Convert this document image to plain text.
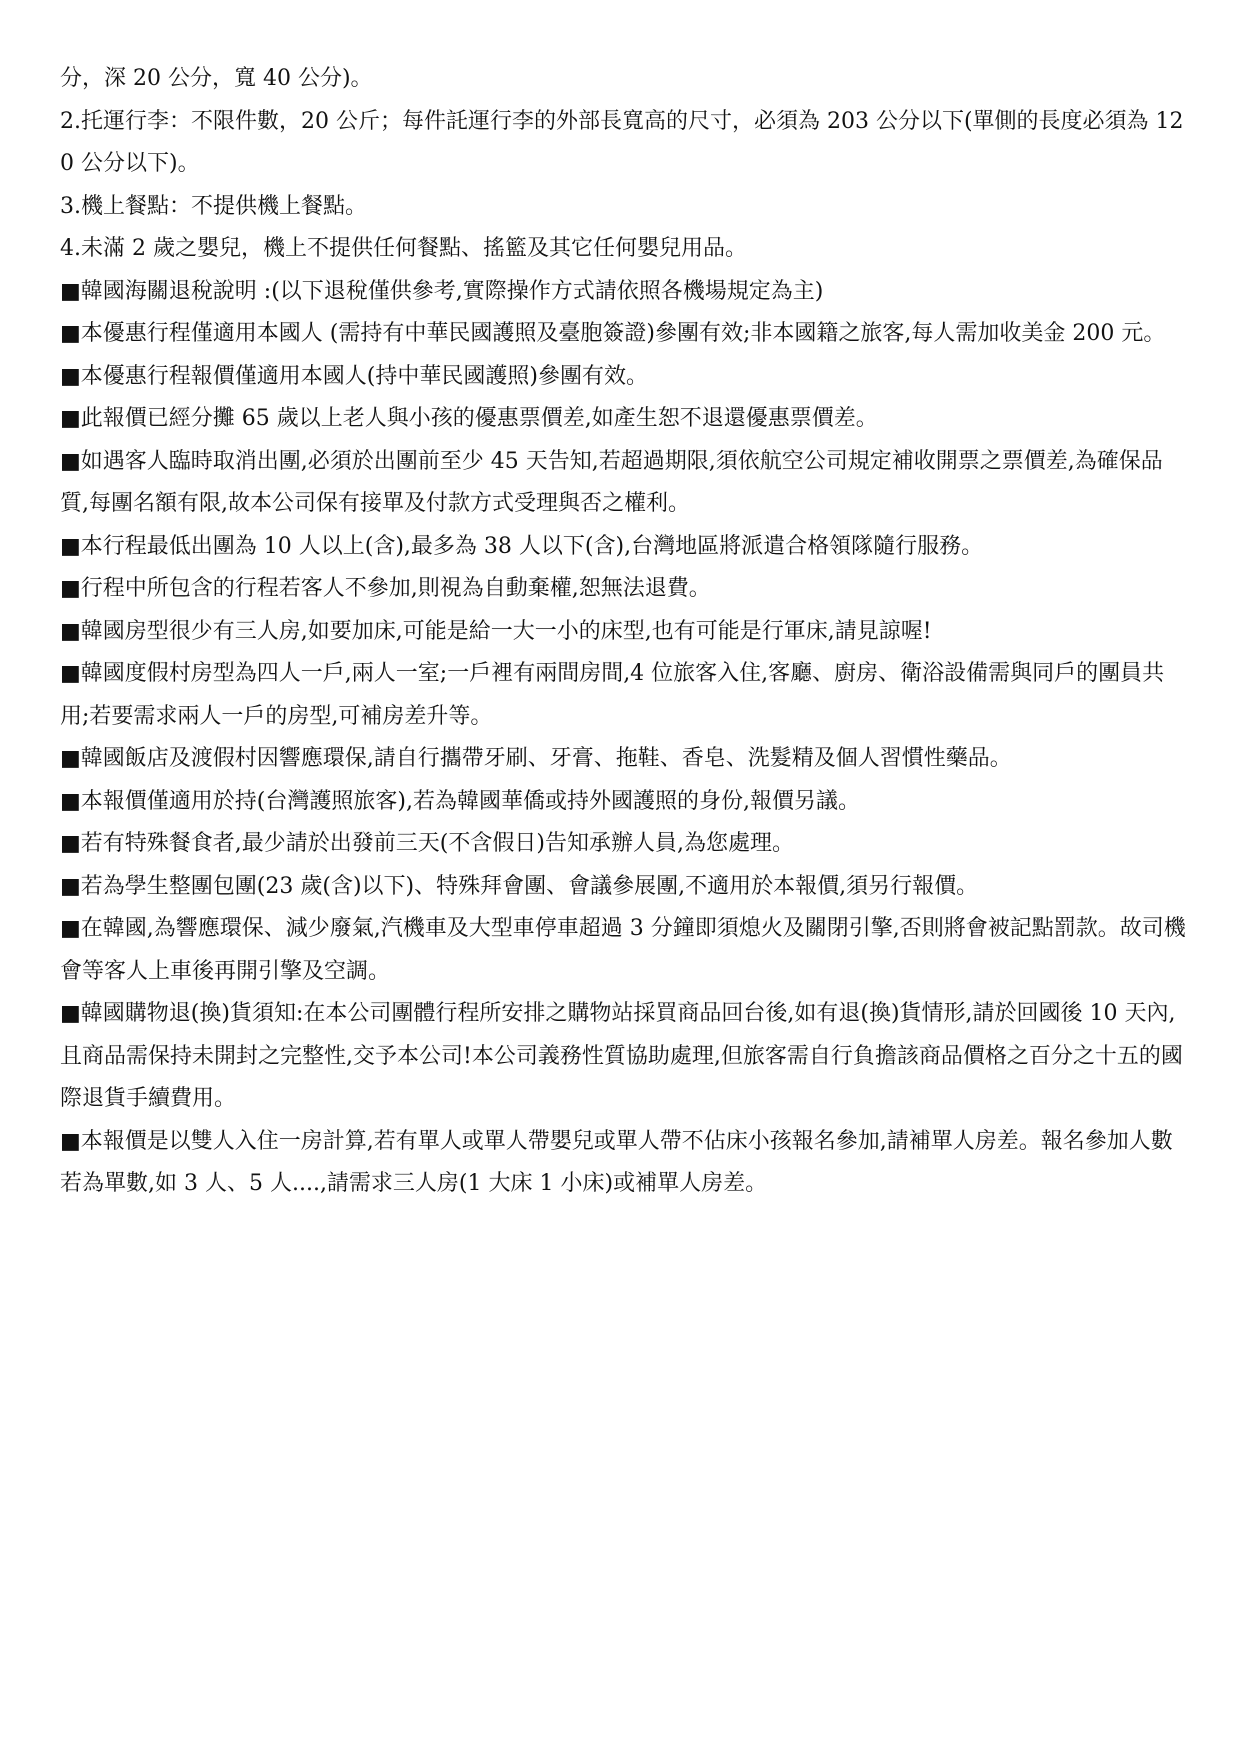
分，深 20 公分，寬 40 公分)。

2.托運行李：不限件數，20 公斤；每件託運行李的外部長寬高的尺寸，必須為 203 公分以下(單側的長度必須為 120 公分以下)。

3.機上餐點：不提供機上餐點。

4.未滿 2 歲之嬰兒，機上不提供任何餐點、搖籃及其它任何嬰兒用品。

■韓國海關退稅說明 :(以下退稅僅供參考,實際操作方式請依照各機場規定為主)

■本優惠行程僅適用本國人 (需持有中華民國護照及臺胞簽證)參團有效;非本國籍之旅客,每人需加收美金 200 元。

■本優惠行程報價僅適用本國人(持中華民國護照)參團有效。

■此報價已經分攤 65 歲以上老人與小孩的優惠票價差,如產生恕不退還優惠票價差。

■如遇客人臨時取消出團,必須於出團前至少 45 天告知,若超過期限,須依航空公司規定補收開票之票價差,為確保品質,每團名額有限,故本公司保有接單及付款方式受理與否之權利。

■本行程最低出團為 10 人以上(含),最多為 38 人以下(含),台灣地區將派遣合格領隊隨行服務。

■行程中所包含的行程若客人不參加,則視為自動棄權,恕無法退費。

■韓國房型很少有三人房,如要加床,可能是給一大一小的床型,也有可能是行軍床,請見諒喔!

■韓國度假村房型為四人一戶,兩人一室;一戶裡有兩間房間,4 位旅客入住,客廳、廚房、衛浴設備需與同戶的團員共用;若要需求兩人一戶的房型,可補房差升等。

■韓國飯店及渡假村因響應環保,請自行攜帶牙刷、牙膏、拖鞋、香皂、洗髮精及個人習慣性藥品。

■本報價僅適用於持(台灣護照旅客),若為韓國華僑或持外國護照的身份,報價另議。

■若有特殊餐食者,最少請於出發前三天(不含假日)告知承辦人員,為您處理。

■若為學生整團包團(23 歲(含)以下)、特殊拜會團、會議參展團,不適用於本報價,須另行報價。

■在韓國,為響應環保、減少廢氣,汽機車及大型車停車超過 3 分鐘即須熄火及關閉引擎,否則將會被記點罰款。故司機會等客人上車後再開引擎及空調。

■韓國購物退(換)貨須知:在本公司團體行程所安排之購物站採買商品回台後,如有退(換)貨情形,請於回國後 10 天內,且商品需保持未開封之完整性,交予本公司!本公司義務性質協助處理,但旅客需自行負擔該商品價格之百分之十五的國際退貨手續費用。

■本報價是以雙人入住一房計算,若有單人或單人帶嬰兒或單人帶不佔床小孩報名參加,請補單人房差。報名參加人數若為單數,如 3 人、5 人....,請需求三人房(1 大床 1 小床)或補單人房差。
